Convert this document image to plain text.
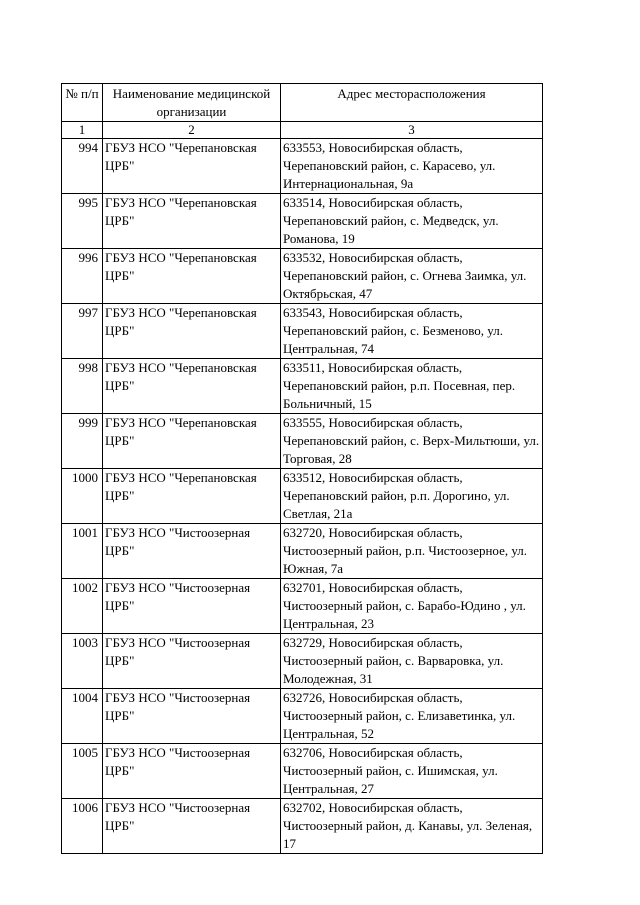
№ п/п	Наименование медицинской организации	Адрес месторасположения
1	2	3
994	ГБУЗ НСО "Черепановская ЦРБ"	633553, Новосибирская область, Черепановский район, с. Карасево, ул. Интернациональная, 9а
995	ГБУЗ НСО "Черепановская ЦРБ"	633514, Новосибирская область, Черепановский район, с. Медведск, ул. Романова, 19
996	ГБУЗ НСО "Черепановская ЦРБ"	633532, Новосибирская область, Черепановский район, с. Огнева Заимка, ул. Октябрьская, 47
997	ГБУЗ НСО "Черепановская ЦРБ"	633543, Новосибирская область, Черепановский район, с. Безменово, ул. Центральная, 74
998	ГБУЗ НСО "Черепановская ЦРБ"	633511, Новосибирская область, Черепановский район, р.п. Посевная, пер. Больничный, 15
999	ГБУЗ НСО "Черепановская ЦРБ"	633555, Новосибирская область, Черепановский район, с. Верх-Мильтюши, ул. Торговая, 28
1000	ГБУЗ НСО "Черепановская ЦРБ"	633512, Новосибирская область, Черепановский район, р.п. Дорогино, ул. Светлая, 21а
1001	ГБУЗ НСО "Чистоозерная ЦРБ"	632720, Новосибирская область, Чистоозерный район, р.п. Чистоозерное, ул. Южная, 7а
1002	ГБУЗ НСО "Чистоозерная ЦРБ"	632701, Новосибирская область, Чистоозерный район, с. Барабо-Юдино , ул. Центральная, 23
1003	ГБУЗ НСО "Чистоозерная ЦРБ"	632729, Новосибирская область, Чистоозерный район, с. Варваровка, ул. Молодежная, 31
1004	ГБУЗ НСО "Чистоозерная ЦРБ"	632726, Новосибирская область, Чистоозерный район, с. Елизаветинка, ул. Центральная, 52
1005	ГБУЗ НСО "Чистоозерная ЦРБ"	632706, Новосибирская область, Чистоозерный район, с. Ишимская, ул. Центральная, 27
1006	ГБУЗ НСО "Чистоозерная ЦРБ"	632702, Новосибирская область, Чистоозерный район, д. Канавы, ул. Зеленая, 17
